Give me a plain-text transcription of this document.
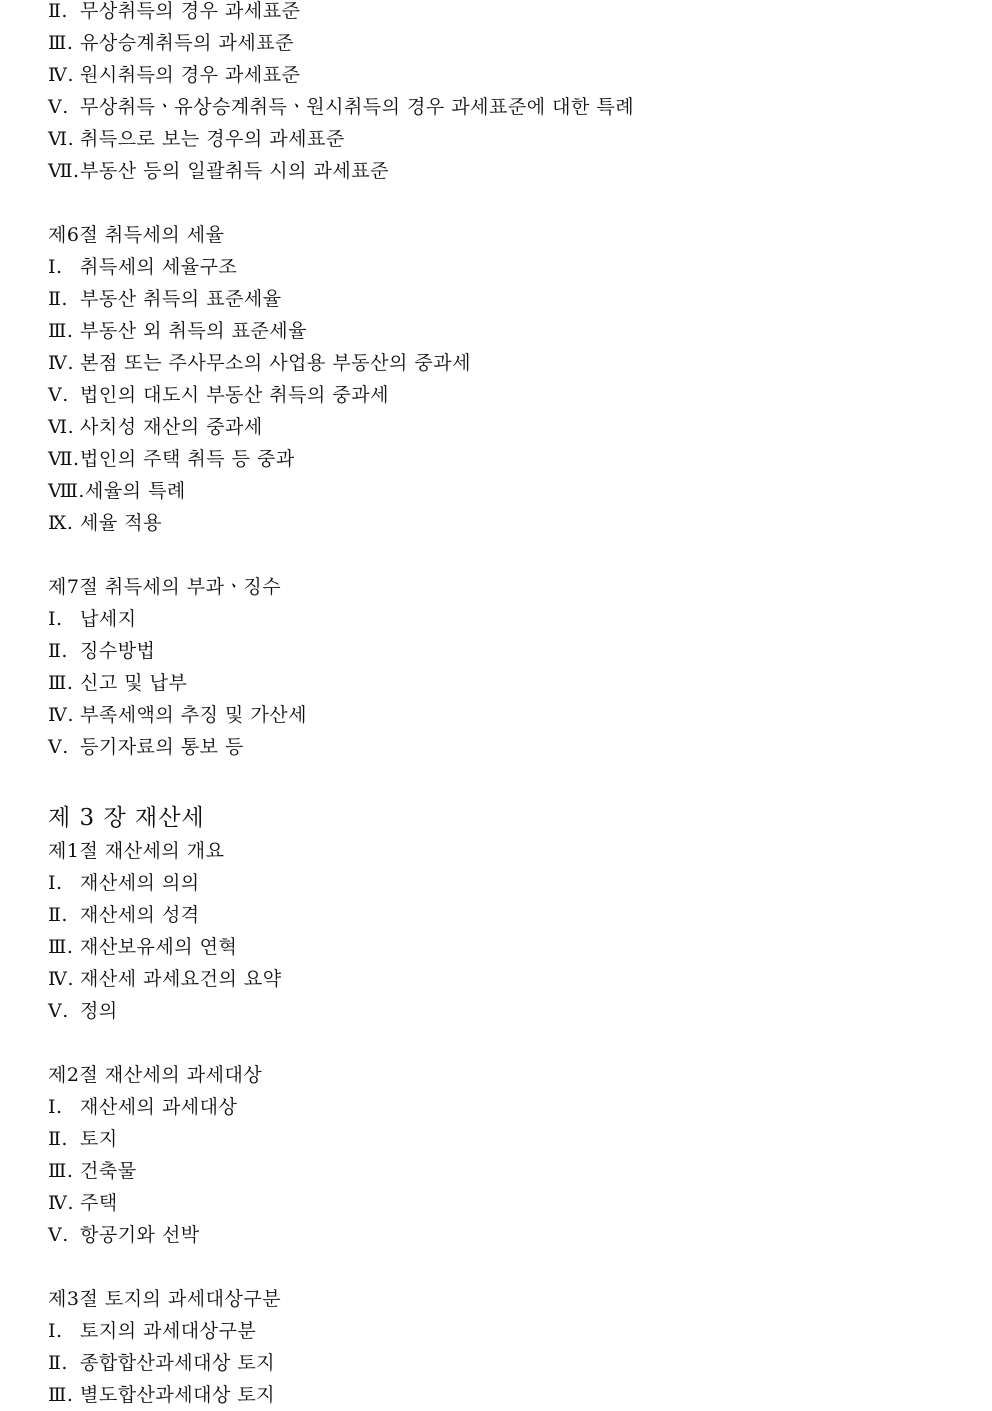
Ⅱ. 무상취득의 경우 과세표준
Ⅲ. 유상승계취득의 과세표준
Ⅳ. 원시취득의 경우 과세표준
Ⅴ. 무상취득ㆍ유상승계취득ㆍ원시취득의 경우 과세표준에 대한 특례
Ⅵ. 취득으로 보는 경우의 과세표준
Ⅶ.부동산 등의 일괄취득 시의 과세표준
제6절 취득세의 세율
Ⅰ. 취득세의 세율구조
Ⅱ. 부동산 취득의 표준세율
Ⅲ. 부동산 외 취득의 표준세율
Ⅳ. 본점 또는 주사무소의 사업용 부동산의 중과세
Ⅴ. 법인의 대도시 부동산 취득의 중과세
Ⅵ. 사치성 재산의 중과세
Ⅶ.법인의 주택 취득 등 중과
Ⅷ.세율의 특례
Ⅸ. 세율 적용
제7절 취득세의 부과ㆍ징수
Ⅰ. 납세지
Ⅱ. 징수방법
Ⅲ. 신고 및 납부
Ⅳ. 부족세액의 추징 및 가산세
Ⅴ. 등기자료의 통보 등
제 3 장 재산세
제1절 재산세의 개요
Ⅰ. 재산세의 의의
Ⅱ. 재산세의 성격
Ⅲ. 재산보유세의 연혁
Ⅳ. 재산세 과세요건의 요약
Ⅴ. 정의
제2절 재산세의 과세대상
Ⅰ. 재산세의 과세대상
Ⅱ. 토지
Ⅲ. 건축물
Ⅳ. 주택
Ⅴ. 항공기와 선박
제3절 토지의 과세대상구분
Ⅰ. 토지의 과세대상구분
Ⅱ. 종합합산과세대상 토지
Ⅲ. 별도합산과세대상 토지
